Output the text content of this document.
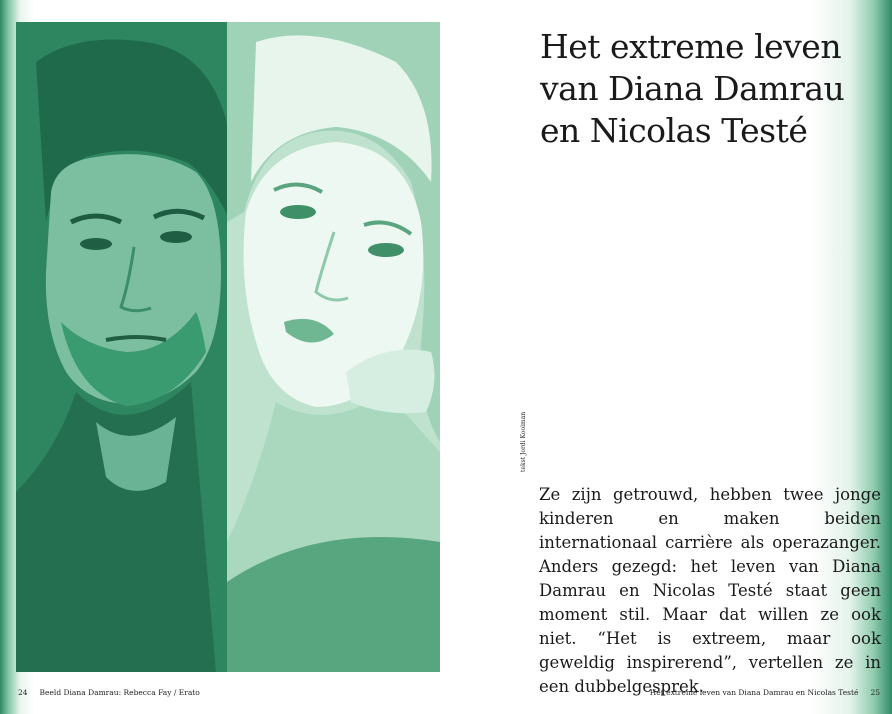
Het extreme leven
van Diana Damrau
en Nicolas Testé
tekst Jordi Kooiman

Ze zijn getrouwd, hebben twee jonge kinderen en maken beiden internationaal carrière als operazanger. Anders gezegd: het leven van Diana Damrau en Nicolas Testé staat geen moment stil. Maar dat willen ze ook niet. “Het is extreem, maar ook geweldig inspirerend”, vertellen ze in een dubbelgesprek.

24 Beeld Diana Damrau: Rebecca Fay / Erato	Het extreme leven van Diana Damrau en Nicolas Testé 25
